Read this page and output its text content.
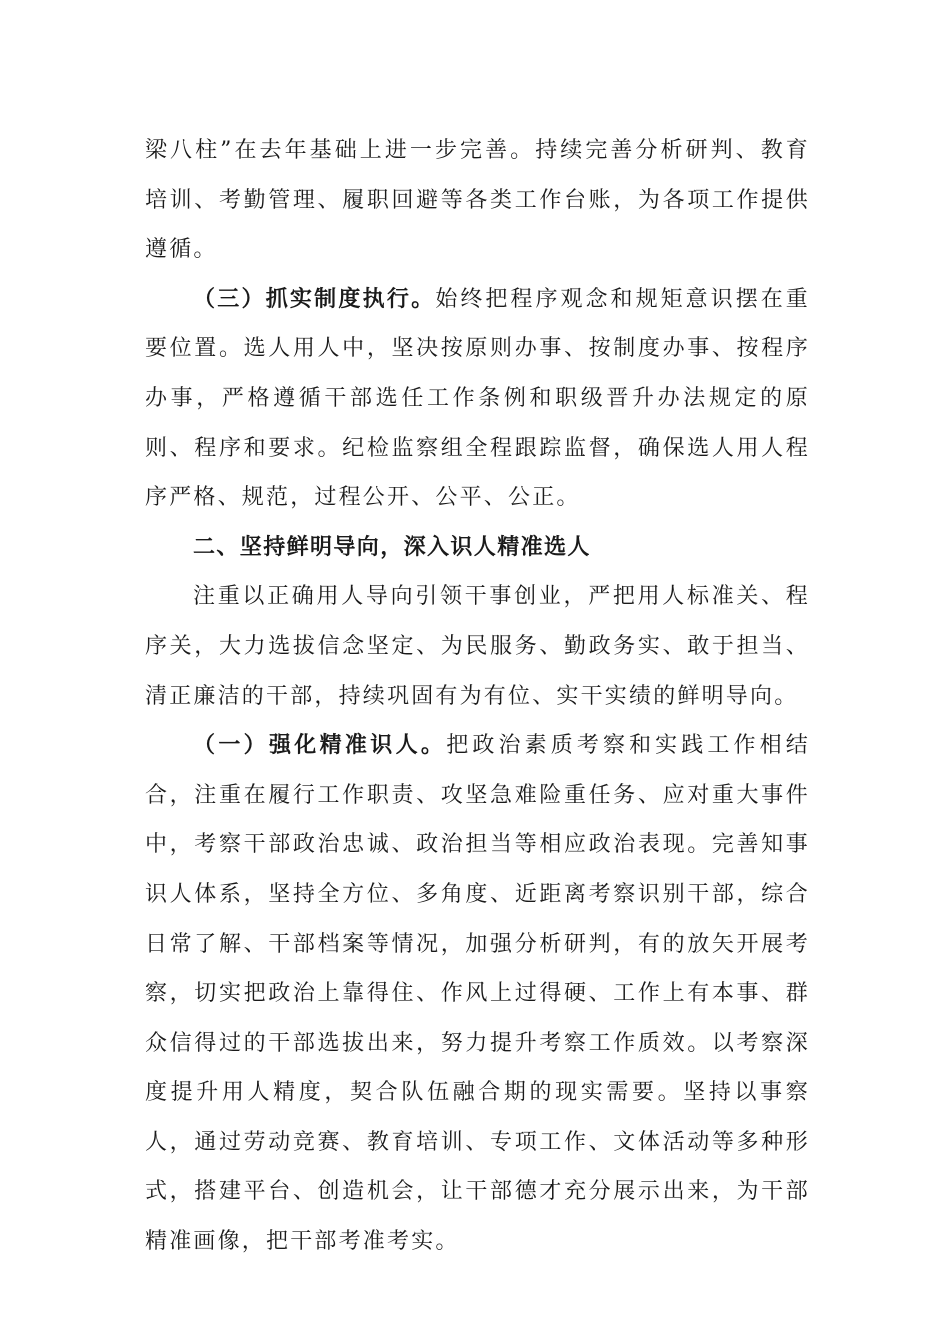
梁八柱”在去年基础上进一步完善。持续完善分析研判、教育培训、考勤管理、履职回避等各类工作台账，为各项工作提供遵循。

（三）抓实制度执行。始终把程序观念和规矩意识摆在重要位置。选人用人中，坚决按原则办事、按制度办事、按程序办事，严格遵循干部选任工作条例和职级晋升办法规定的原则、程序和要求。纪检监察组全程跟踪监督，确保选人用人程序严格、规范，过程公开、公平、公正。

二、坚持鲜明导向，深入识人精准选人

注重以正确用人导向引领干事创业，严把用人标准关、程序关，大力选拔信念坚定、为民服务、勤政务实、敢于担当、清正廉洁的干部，持续巩固有为有位、实干实绩的鲜明导向。

（一）强化精准识人。把政治素质考察和实践工作相结合，注重在履行工作职责、攻坚急难险重任务、应对重大事件中，考察干部政治忠诚、政治担当等相应政治表现。完善知事识人体系，坚持全方位、多角度、近距离考察识别干部，综合日常了解、干部档案等情况，加强分析研判，有的放矢开展考察，切实把政治上靠得住、作风上过得硬、工作上有本事、群众信得过的干部选拔出来，努力提升考察工作质效。以考察深度提升用人精度，契合队伍融合期的现实需要。坚持以事察人，通过劳动竞赛、教育培训、专项工作、文体活动等多种形式，搭建平台、创造机会，让干部德才充分展示出来，为干部精准画像，把干部考准考实。
